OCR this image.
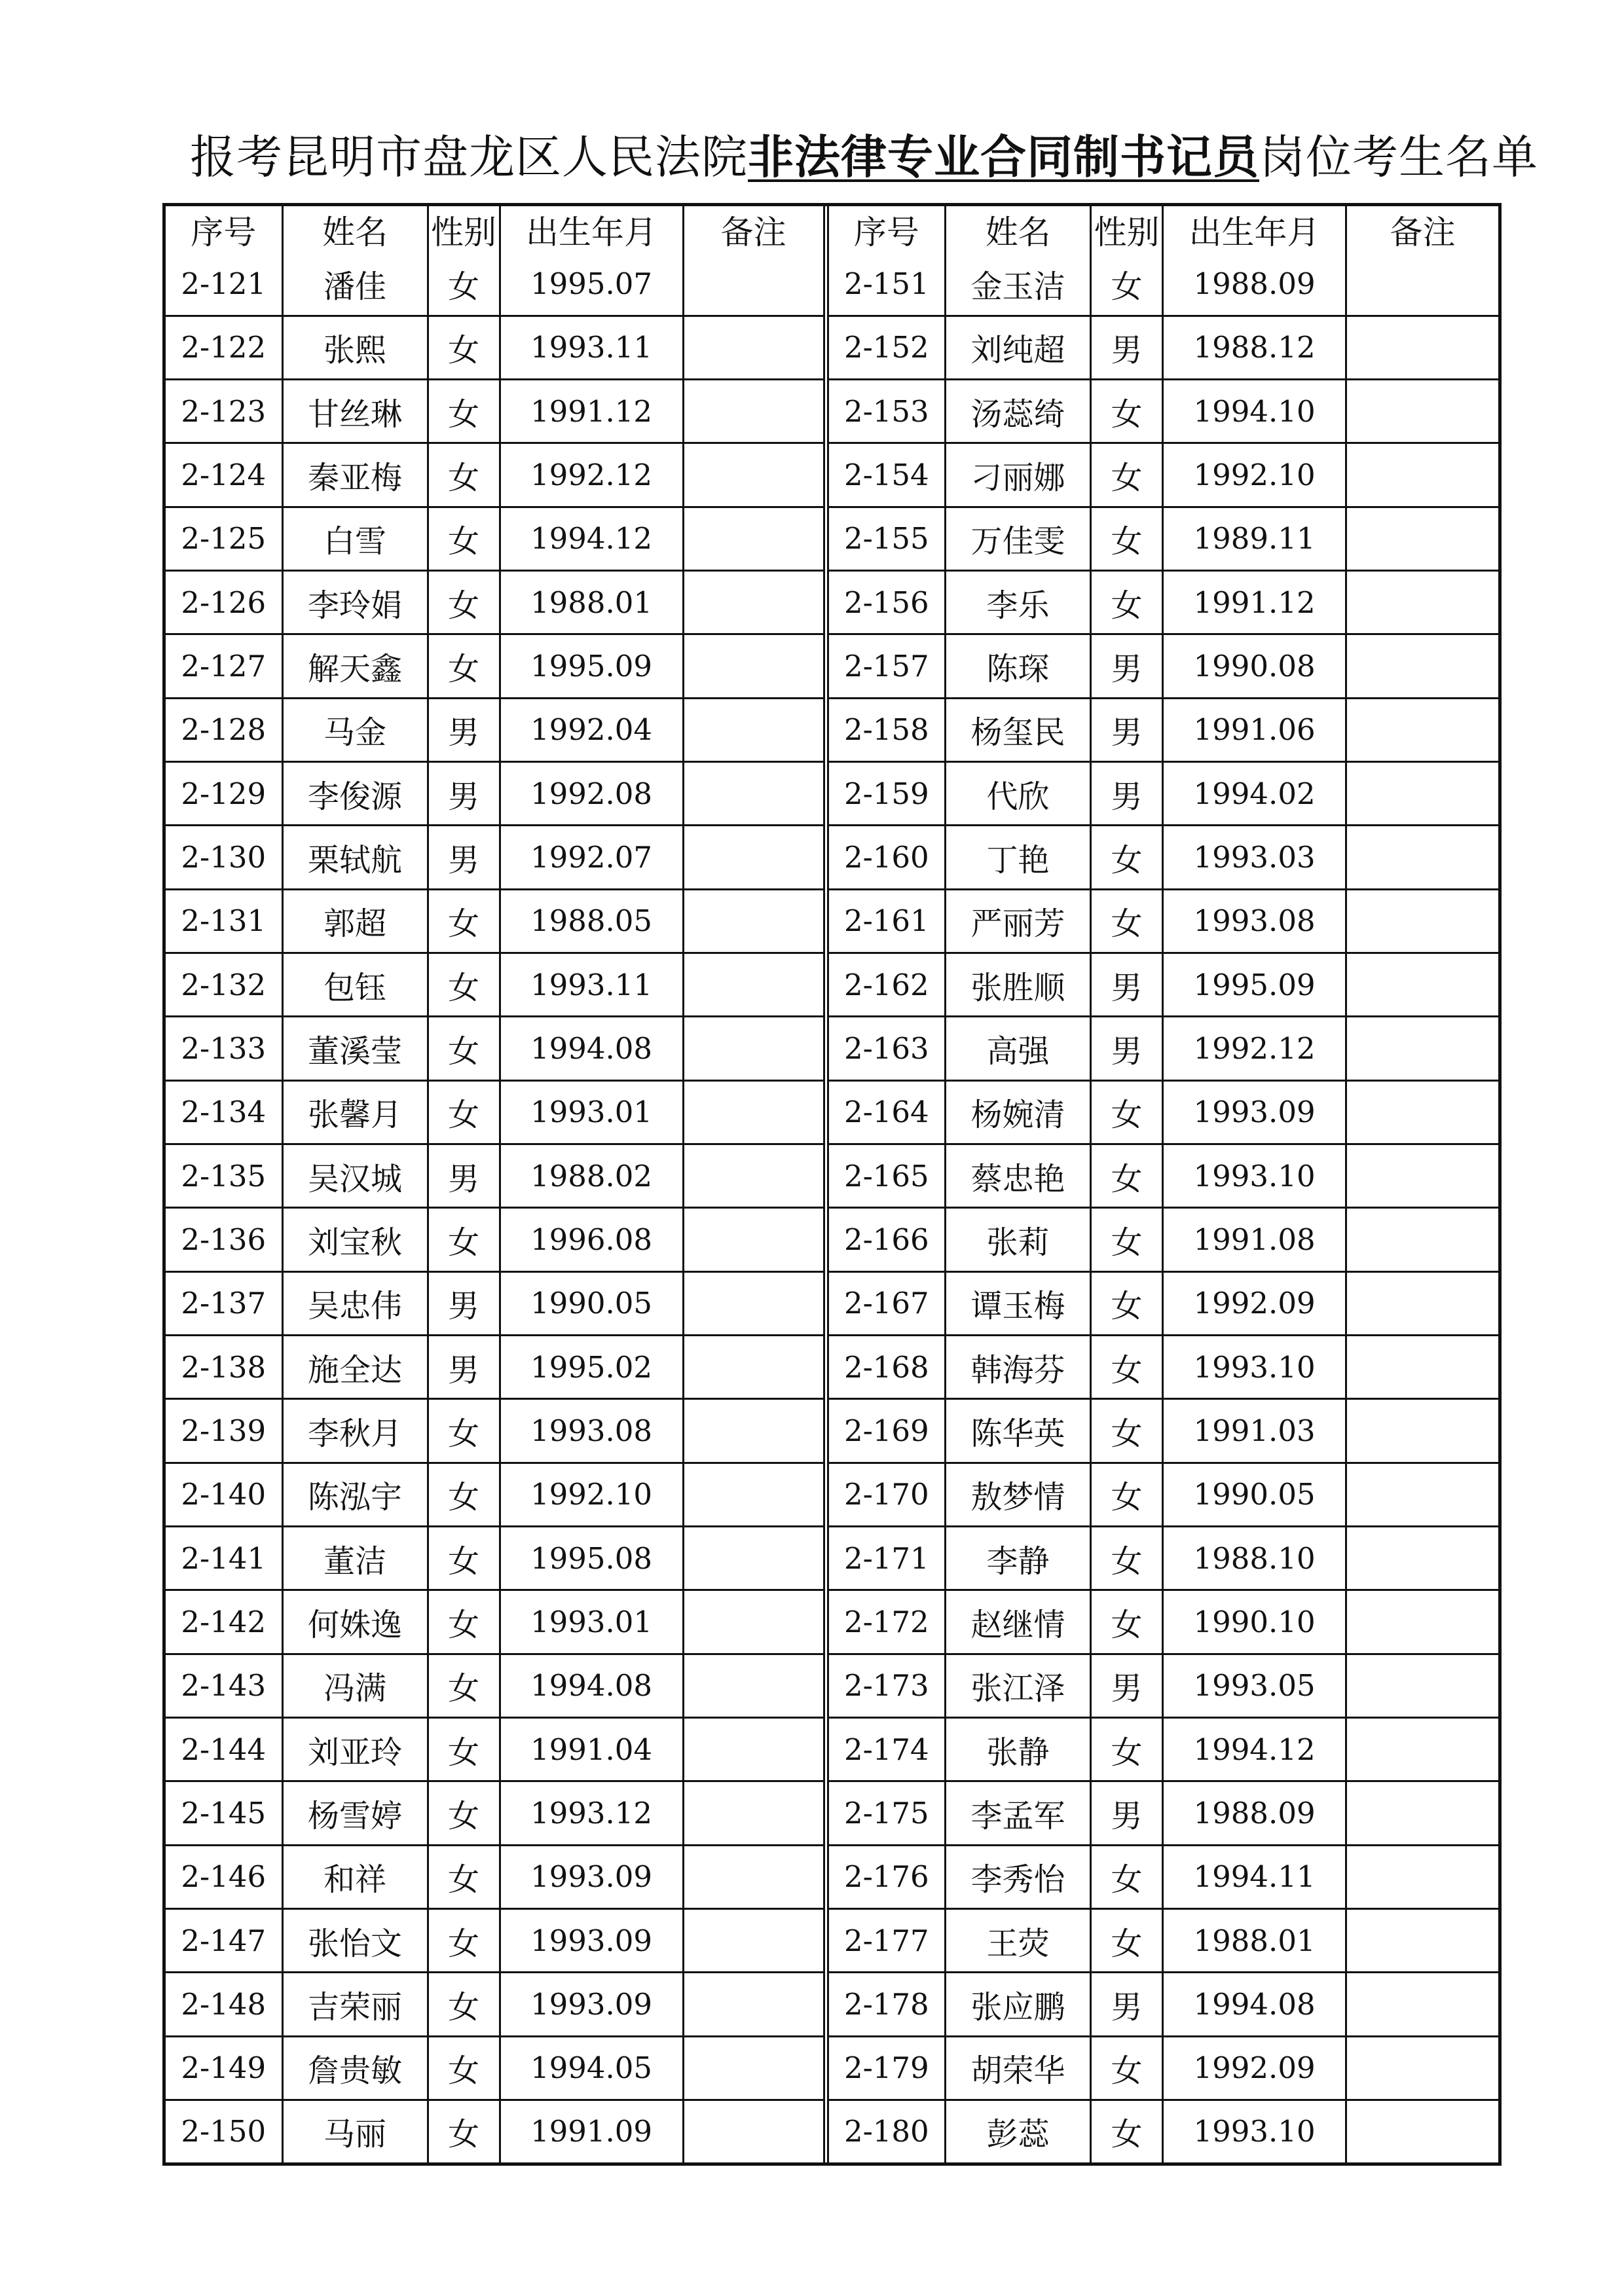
报考昆明市盘龙区人民法院非法律专业合同制书记员岗位考生名单
序号	姓名	性别	出生年月	备注
2-121	潘佳	女	1995.07	
2-122	张熙	女	1993.11	
2-123	甘丝琳	女	1991.12	
2-124	秦亚梅	女	1992.12	
2-125	白雪	女	1994.12	
2-126	李玲娟	女	1988.01	
2-127	解天鑫	女	1995.09	
2-128	马金	男	1992.04	
2-129	李俊源	男	1992.08	
2-130	栗轼航	男	1992.07	
2-131	郭超	女	1988.05	
2-132	包钰	女	1993.11	
2-133	董溪莹	女	1994.08	
2-134	张馨月	女	1993.01	
2-135	吴汉城	男	1988.02	
2-136	刘宝秋	女	1996.08	
2-137	吴忠伟	男	1990.05	
2-138	施全达	男	1995.02	
2-139	李秋月	女	1993.08	
2-140	陈泓宇	女	1992.10	
2-141	董洁	女	1995.08	
2-142	何姝逸	女	1993.01	
2-143	冯满	女	1994.08	
2-144	刘亚玲	女	1991.04	
2-145	杨雪婷	女	1993.12	
2-146	和祥	女	1993.09	
2-147	张怡文	女	1993.09	
2-148	吉荣丽	女	1993.09	
2-149	詹贵敏	女	1994.05	
2-150	马丽	女	1991.09	
序号	姓名	性别	出生年月	备注
2-151	金玉洁	女	1988.09	
2-152	刘纯超	男	1988.12	
2-153	汤蕊绮	女	1994.10	
2-154	刁丽娜	女	1992.10	
2-155	万佳雯	女	1989.11	
2-156	李乐	女	1991.12	
2-157	陈琛	男	1990.08	
2-158	杨玺民	男	1991.06	
2-159	代欣	男	1994.02	
2-160	丁艳	女	1993.03	
2-161	严丽芳	女	1993.08	
2-162	张胜顺	男	1995.09	
2-163	高强	男	1992.12	
2-164	杨婉清	女	1993.09	
2-165	蔡忠艳	女	1993.10	
2-166	张莉	女	1991.08	
2-167	谭玉梅	女	1992.09	
2-168	韩海芬	女	1993.10	
2-169	陈华英	女	1991.03	
2-170	敖梦情	女	1990.05	
2-171	李静	女	1988.10	
2-172	赵继情	女	1990.10	
2-173	张江泽	男	1993.05	
2-174	张静	女	1994.12	
2-175	李孟军	男	1988.09	
2-176	李秀怡	女	1994.11	
2-177	王荧	女	1988.01	
2-178	张应鹏	男	1994.08	
2-179	胡荣华	女	1992.09	
2-180	彭蕊	女	1993.10	
